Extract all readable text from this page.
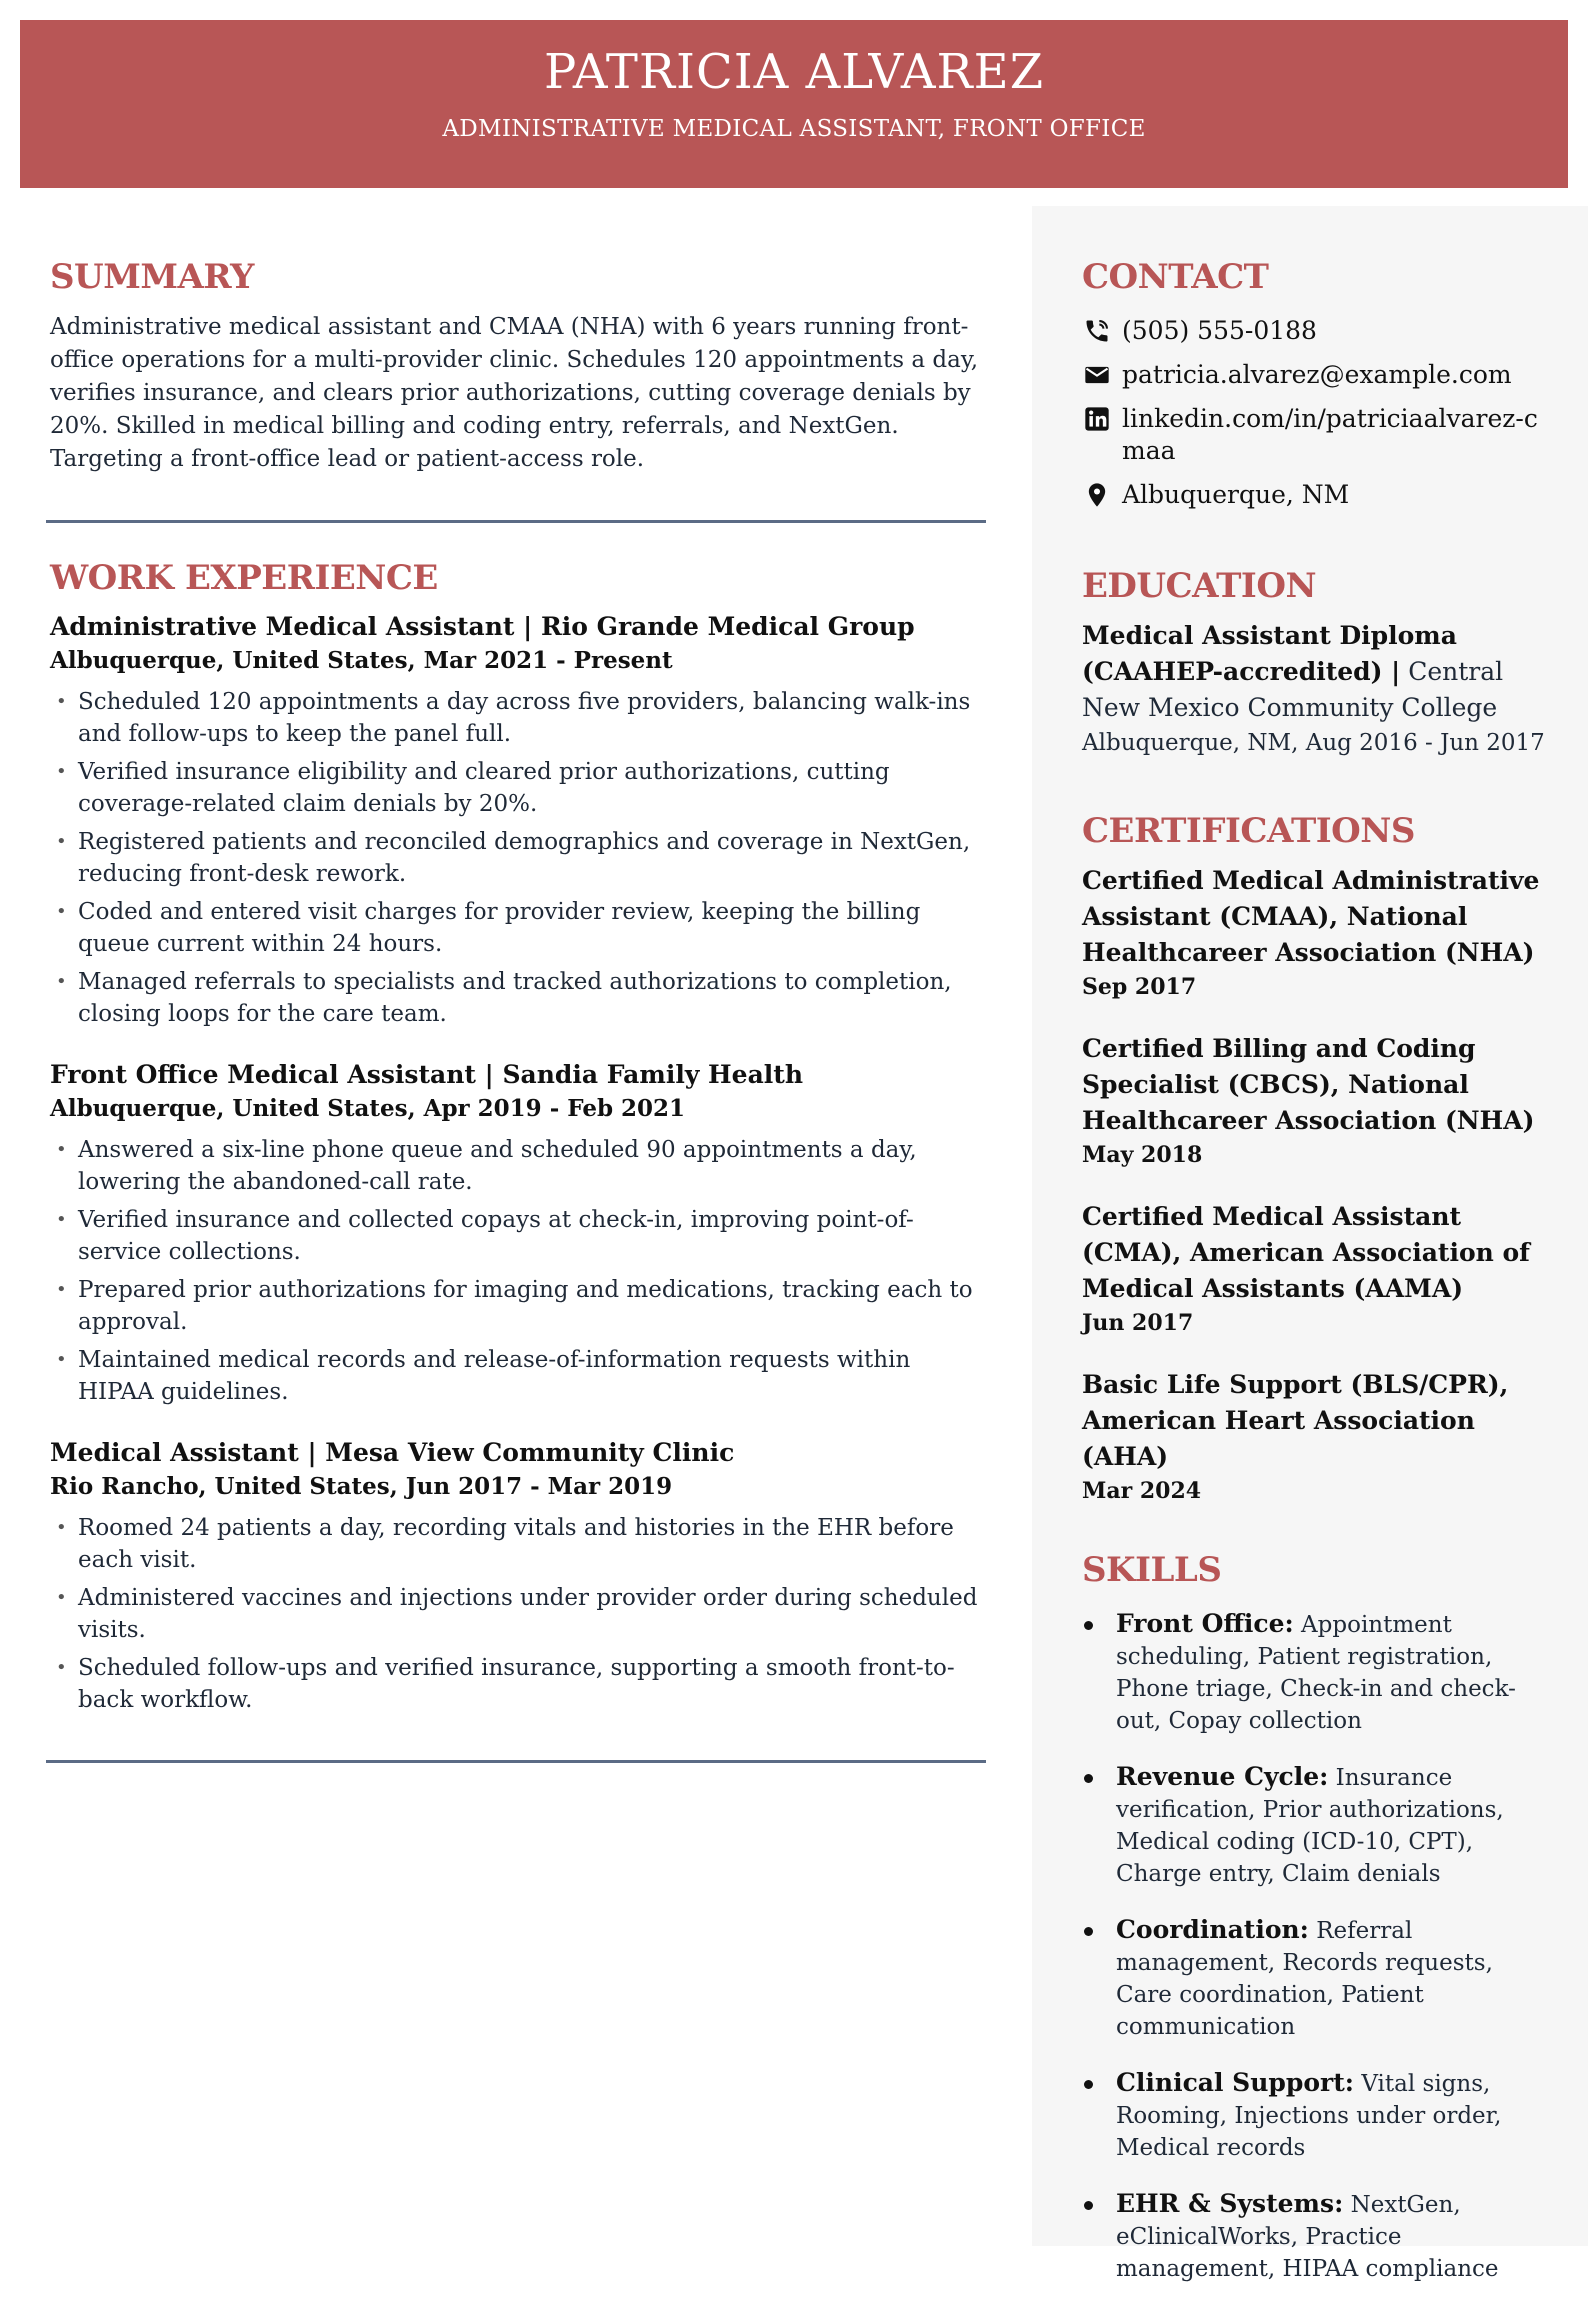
PATRICIA ALVAREZ
ADMINISTRATIVE MEDICAL ASSISTANT, FRONT OFFICE
SUMMARY

Administrative medical assistant and CMAA (NHA) with 6 years running front-office operations for a multi-provider clinic. Schedules 120 appointments a day, verifies insurance, and clears prior authorizations, cutting coverage denials by 20%. Skilled in medical billing and coding entry, referrals, and NextGen. Targeting a front-office lead or patient-access role.

WORK EXPERIENCE
Administrative Medical Assistant | Rio Grande Medical Group
Albuquerque, United States, Mar 2021 - Present
• Scheduled 120 appointments a day across five providers, balancing walk-ins and follow-ups to keep the panel full.
• Verified insurance eligibility and cleared prior authorizations, cutting coverage-related claim denials by 20%.
• Registered patients and reconciled demographics and coverage in NextGen, reducing front-desk rework.
• Coded and entered visit charges for provider review, keeping the billing queue current within 24 hours.
• Managed referrals to specialists and tracked authorizations to completion, closing loops for the care team.
Front Office Medical Assistant | Sandia Family Health
Albuquerque, United States, Apr 2019 - Feb 2021
• Answered a six-line phone queue and scheduled 90 appointments a day, lowering the abandoned-call rate.
• Verified insurance and collected copays at check-in, improving point-of-service collections.
• Prepared prior authorizations for imaging and medications, tracking each to approval.
• Maintained medical records and release-of-information requests within HIPAA guidelines.
Medical Assistant | Mesa View Community Clinic
Rio Rancho, United States, Jun 2017 - Mar 2019
• Roomed 24 patients a day, recording vitals and histories in the EHR before each visit.
• Administered vaccines and injections under provider order during scheduled visits.
• Scheduled follow-ups and verified insurance, supporting a smooth front-to-back workflow.
CONTACT
(505) 555-0188
patricia.alvarez@example.com
linkedin.com/in/patriciaalvarez-c
maa
Albuquerque, NM
EDUCATION
Medical Assistant Diploma (CAAHEP-accredited) | Central New Mexico Community College
Albuquerque, NM, Aug 2016 - Jun 2017
CERTIFICATIONS
Certified Medical Administrative Assistant (CMAA), National Healthcareer Association (NHA)
Sep 2017
Certified Billing and Coding Specialist (CBCS), National Healthcareer Association (NHA)
May 2018
Certified Medical Assistant (CMA), American Association of Medical Assistants (AAMA)
Jun 2017
Basic Life Support (BLS/CPR), American Heart Association (AHA)
Mar 2024
SKILLS
Front Office: Appointment scheduling, Patient registration, Phone triage, Check-in and check-out, Copay collection
Revenue Cycle: Insurance verification, Prior authorizations, Medical coding (ICD-10, CPT), Charge entry, Claim denials
Coordination: Referral management, Records requests, Care coordination, Patient communication
Clinical Support: Vital signs, Rooming, Injections under order, Medical records
EHR & Systems: NextGen, eClinicalWorks, Practice management, HIPAA compliance
